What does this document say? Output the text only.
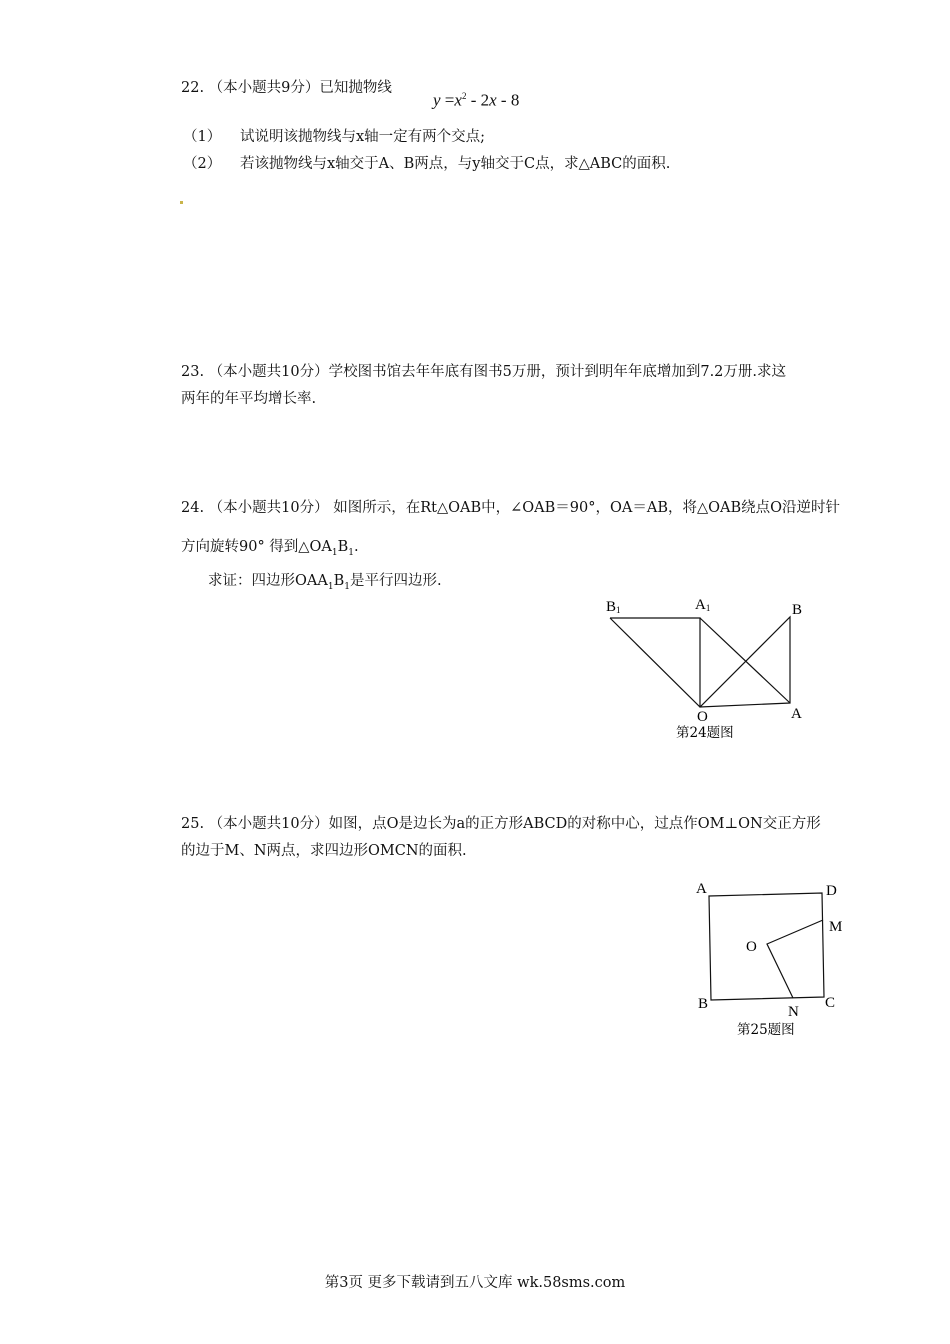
22. （本小题共9分）已知抛物线
$y =x^2 - 2x - 8$
（1） 试说明该抛物线与x轴一定有两个交点;
（2） 若该抛物线与x轴交于A、B两点，与y轴交于C点，求△ABC的面积.
23. （本小题共10分）学校图书馆去年年底有图书5万册，预计到明年年底增加到7.2万册.求这
两年的年平均增长率.
24. （本小题共10分） 如图所示，在Rt△OAB中，∠OAB＝90°，OA＝AB，将△OAB绕点O沿逆时针
方向旋转90° 得到$\triangle OA_1B_1$.
求证：四边形$OAA_1B_1$是平行四边形.
B1	A1	B
O	A
第24题图
A	D
M
O
B	N
C
第25题图
25. （本小题共10分）如图，点O是边长为a的正方形ABCD的对称中心，过点作OM⊥ON交正方形
的边于M、N两点，求四边形OMCN的面积.
第3页 更多下载请到五八文库 wk.58sms.com
